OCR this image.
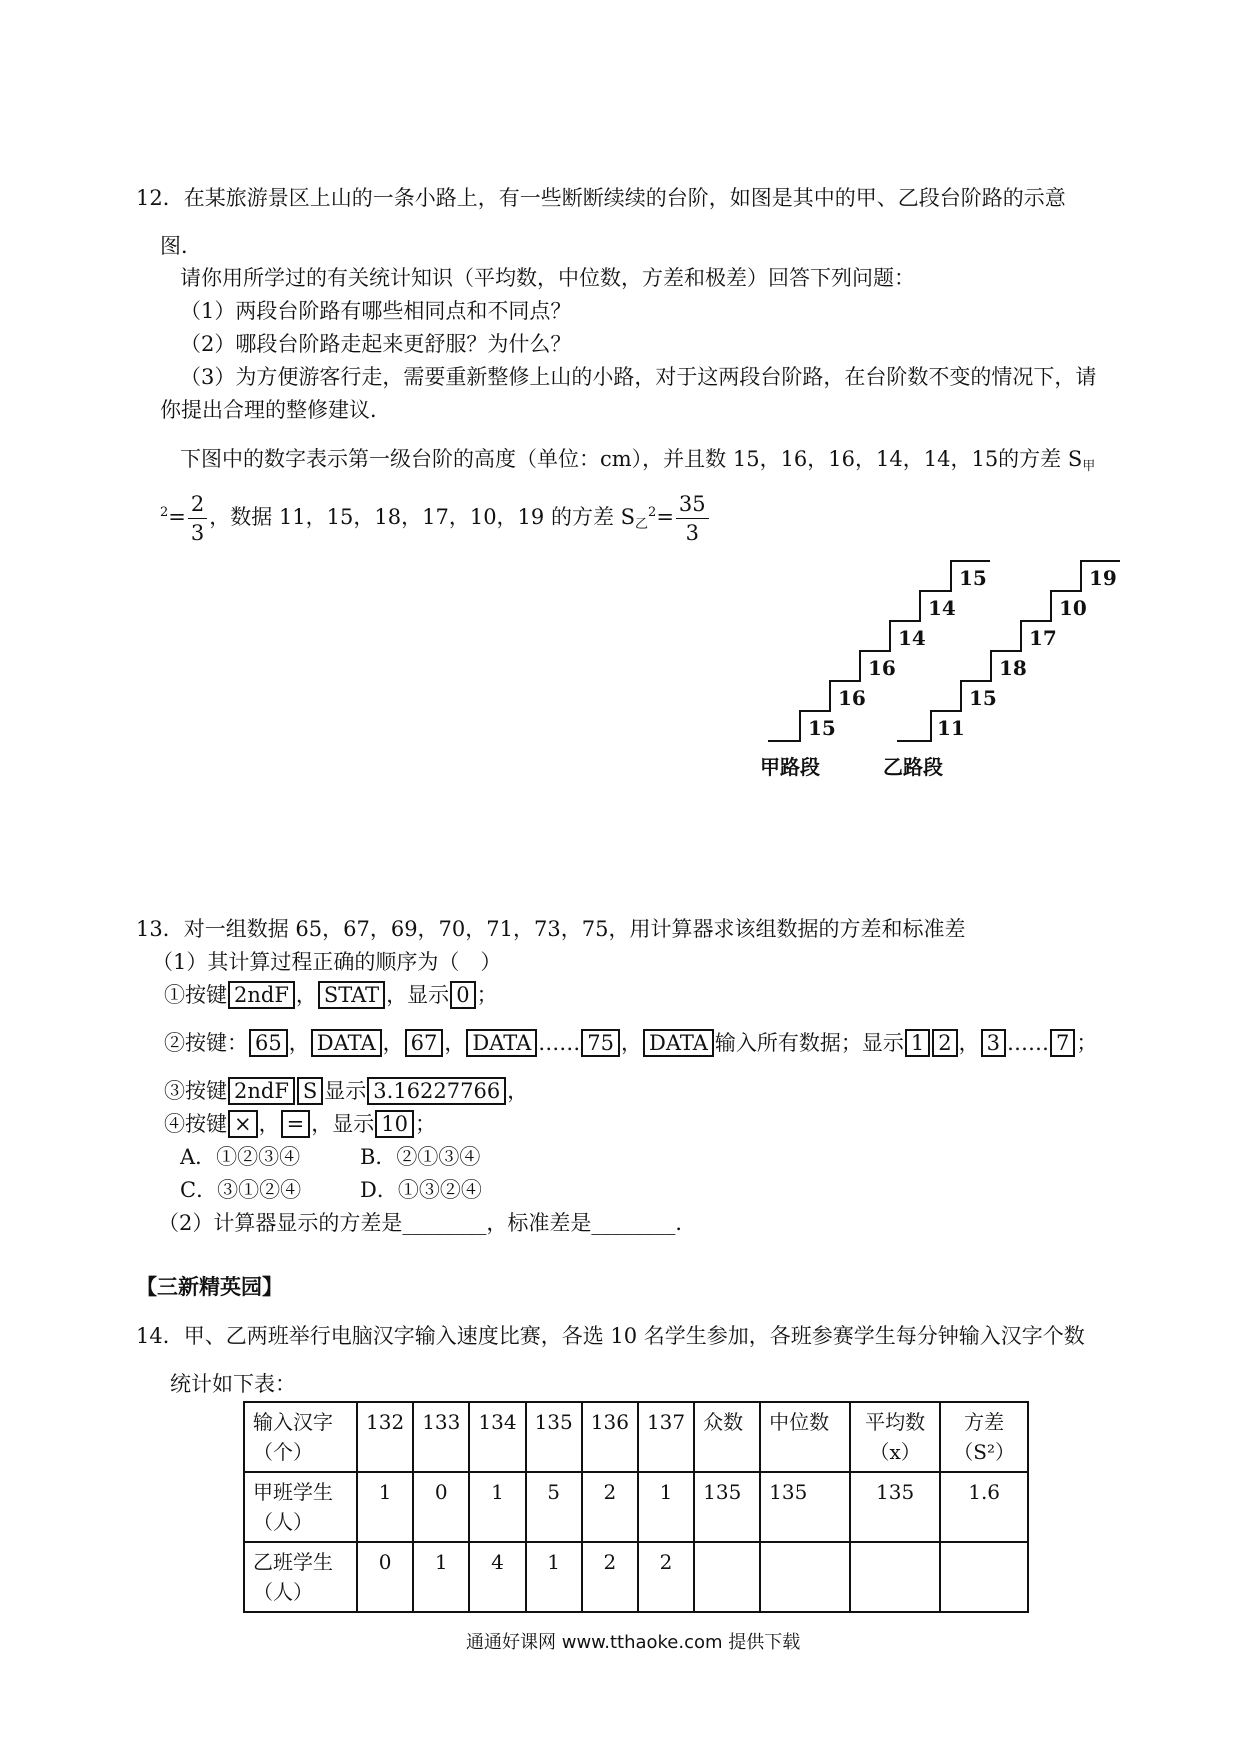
12．在某旅游景区上山的一条小路上，有一些断断续续的台阶，如图是其中的甲、乙段台阶路的示意
图．
请你用所学过的有关统计知识（平均数，中位数，方差和极差）回答下列问题：
（1）两段台阶路有哪些相同点和不同点？
（2）哪段台阶路走起来更舒服？为什么？
（3）为方便游客行走，需要重新整修上山的小路，对于这两段台阶路，在台阶数不变的情况下，请
你提出合理的整修建议．
下图中的数字表示第一级台阶的高度（单位：cm），并且数 15，16，16，14，14，15的方差 $S_甲$
$^2= \frac{2}{3}$ ，数据 11，15，18，17，10，19 的方差 $S_乙^2= \frac{35}{3}$
15
16
16
14
14
15
11
15
18
17
10
19
甲路段	乙路段
13．对一组数据 65，67，69，70，71，73，75，用计算器求该组数据的方差和标准差
（1）其计算过程正确的顺序为（　）
①按键 2ndF ， STAT ，显示 0 ；
②按键： 65 ， DATA ， 67 ， DATA …… 75 ， DATA 输入所有数据；显示 1 2 ， 3 …… 7 ；
③按键 2ndF S 显示 3.16227766 ，
④按键 × ， = ，显示 10 ；
A．①②③④	B．②①③④
C．③①②④	D．①③②④
（2）计算器显示的方差是________，标准差是________．
【三新精英园】
14．甲、乙两班举行电脑汉字输入速度比赛，各选 10 名学生参加，各班参赛学生每分钟输入汉字个数
统计如下表：
输入汉字（个）	132	133	134	135	136	137	众数	中位数	平均数（x）	方差（S²）
甲班学生（人）	1	0	1	5	2	1	135	135	135	1.6
乙班学生（人）	0	1	4	1	2	2				
通通好课网 www.tthaoke.com 提供下载
